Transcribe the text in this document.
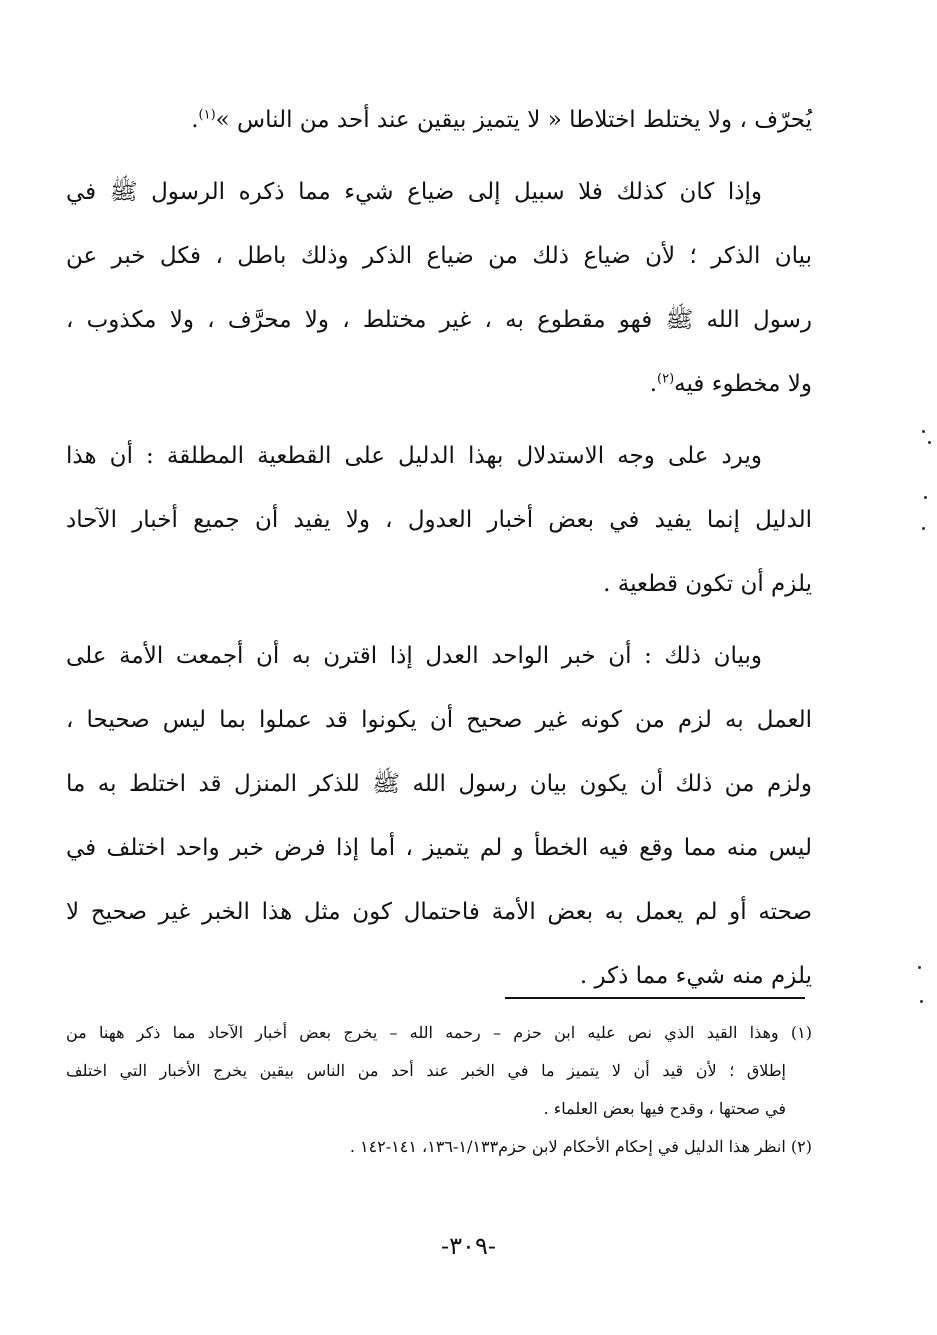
يُحرّف ، ولا يختلط اختلاطا « لا يتميز بيقين عند أحد من الناس »$^{(١)}$.
وإذا كان كذلك فلا سبيل إلى ضياع شيء مما ذكره الرسول ﷺ في
بيان الذكر ؛ لأن ضياع ذلك من ضياع الذكر وذلك باطل ، فكل خبر عن
رسول الله ﷺ فهو مقطوع به ، غير مختلط ، ولا محرَّف ، ولا مكذوب ،
ولا مخطوء فيه$^{(٢)}$.
ويرد على وجه الاستدلال بهذا الدليل على القطعية المطلقة : أن هذا
الدليل إنما يفيد في بعض أخبار العدول ، ولا يفيد أن جميع أخبار الآحاد
يلزم أن تكون قطعية .
وبيان ذلك : أن خبر الواحد العدل إذا اقترن به أن أجمعت الأمة على
العمل به لزم من كونه غير صحيح أن يكونوا قد عملوا بما ليس صحيحا ،
ولزم من ذلك أن يكون بيان رسول الله ﷺ للذكر المنزل قد اختلط به ما
ليس منه مما وقع فيه الخطأ و لم يتميز ، أما إذا فرض خبر واحد اختلف في
صحته أو لم يعمل به بعض الأمة فاحتمال كون مثل هذا الخبر غير صحيح لا
يلزم منه شيء مما ذكر .
(١) وهذا القيد الذي نص عليه ابن حزم – رحمه الله – يخرج بعض أخبار الآحاد مما ذكر ههنا من
إطلاق ؛ لأن قيد أن لا يتميز ما في الخبر عند أحد من الناس بيقين يخرج الأخبار التي اختلف
في صحتها ، وقدح فيها بعض العلماء .
(٢) انظر هذا الدليل في إحكام الأحكام لابن حزم١/١٣٣-١٣٦، ١٤١-١٤٢ .
-٣٠٩-
